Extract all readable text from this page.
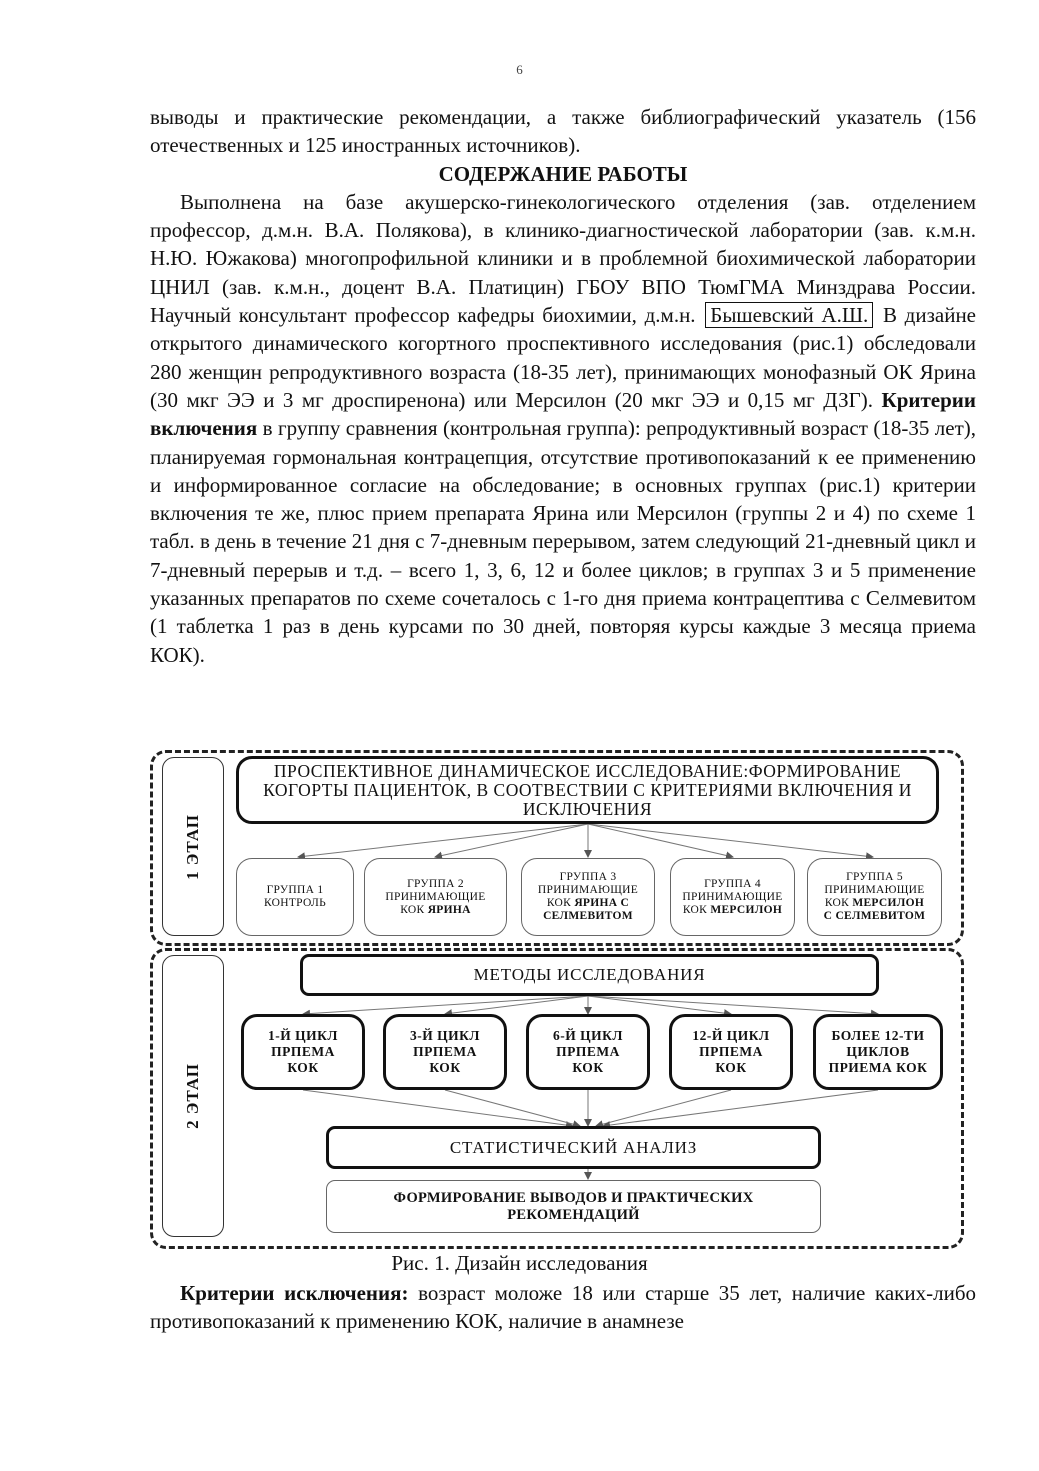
6

выводы и практические рекомендации, а также библиографический указатель (156 отечественных и 125 иностранных источников).

СОДЕРЖАНИЕ РАБОТЫ

Выполнена на базе акушерско-гинекологического отделения (зав. отделением профессор, д.м.н. В.А. Полякова), в клинико-диагностической лаборатории (зав. к.м.н. Н.Ю. Южакова) многопрофильной клиники и в проблемной биохимической лаборатории ЦНИЛ (зав. к.м.н., доцент В.А. Платицин) ГБОУ ВПО ТюмГМА Минздрава России. Научный консультант профессор кафедры биохимии, д.м.н. Бышевский А.Ш. В дизайне открытого динамического когортного проспективного исследования (рис.1) обследовали 280 женщин репродуктивного возраста (18-35 лет), принимающих монофазный ОК Ярина (30 мкг ЭЭ и 3 мг дроспиренона) или Мерсилон (20 мкг ЭЭ и 0,15 мг ДЗГ). Критерии включения в группу сравнения (контрольная группа): репродуктивный возраст (18-35 лет), планируемая гормональная контрацепция, отсутствие противопоказаний к ее применению и информированное согласие на обследование; в основных группах (рис.1) критерии включения те же, плюс прием препарата Ярина или Мерсилон (группы 2 и 4) по схеме 1 табл. в день в течение 21 дня с 7-дневным перерывом, затем следующий 21-дневный цикл и 7-дневный перерыв и т.д. – всего 1, 3, 6, 12 и более циклов; в группах 3 и 5 применение указанных препаратов по схеме сочеталось с 1-го дня приема контрацептива с Селмевитом (1 таблетка 1 раз в день курсами по 30 дней, повторяя курсы каждые 3 месяца приема КОК).

1 ЭТАП
2 ЭТАП
ПРОСПЕКТИВНОЕ ДИНАМИЧЕСКОЕ ИССЛЕДОВАНИЕ:ФОРМИРОВАНИЕ КОГОРТЫ ПАЦИЕНТОК, В СООТВЕСТВИИ С КРИТЕРИЯМИ ВКЛЮЧЕНИЯ И ИСКЛЮЧЕНИЯ
ГРУППА 1
КОНТРОЛЬ
ГРУППА 2
ПРИНИМАЮЩИЕ
КОК ЯРИНА
ГРУППА 3
ПРИНИМАЮЩИЕ
КОК ЯРИНА С
СЕЛМЕВИТОМ
ГРУППА 4
ПРИНИМАЮЩИЕ
КОК МЕРСИЛОН
ГРУППА 5
ПРИНИМАЮЩИЕ
КОК МЕРСИЛОН
С СЕЛМЕВИТОМ
МЕТОДЫ ИССЛЕДОВАНИЯ
1-Й ЦИКЛ
ПРПЕМА
КОК
3-Й ЦИКЛ
ПРПЕМА
КОК
6-Й ЦИКЛ
ПРПЕМА
КОК
12-Й ЦИКЛ
ПРПЕМА
КОК
БОЛЕЕ 12-ТИ
ЦИКЛОВ
ПРИЕМА КОК
СТАТИСТИЧЕСКИЙ АНАЛИЗ
ФОРМИРОВАНИЕ ВЫВОДОВ И ПРАКТИЧЕСКИХ РЕКОМЕНДАЦИЙ
Рис. 1. Дизайн исследования

Критерии исключения: возраст моложе 18 или старше 35 лет, наличие каких-либо противопоказаний к применению КОК, наличие в анамнезе
